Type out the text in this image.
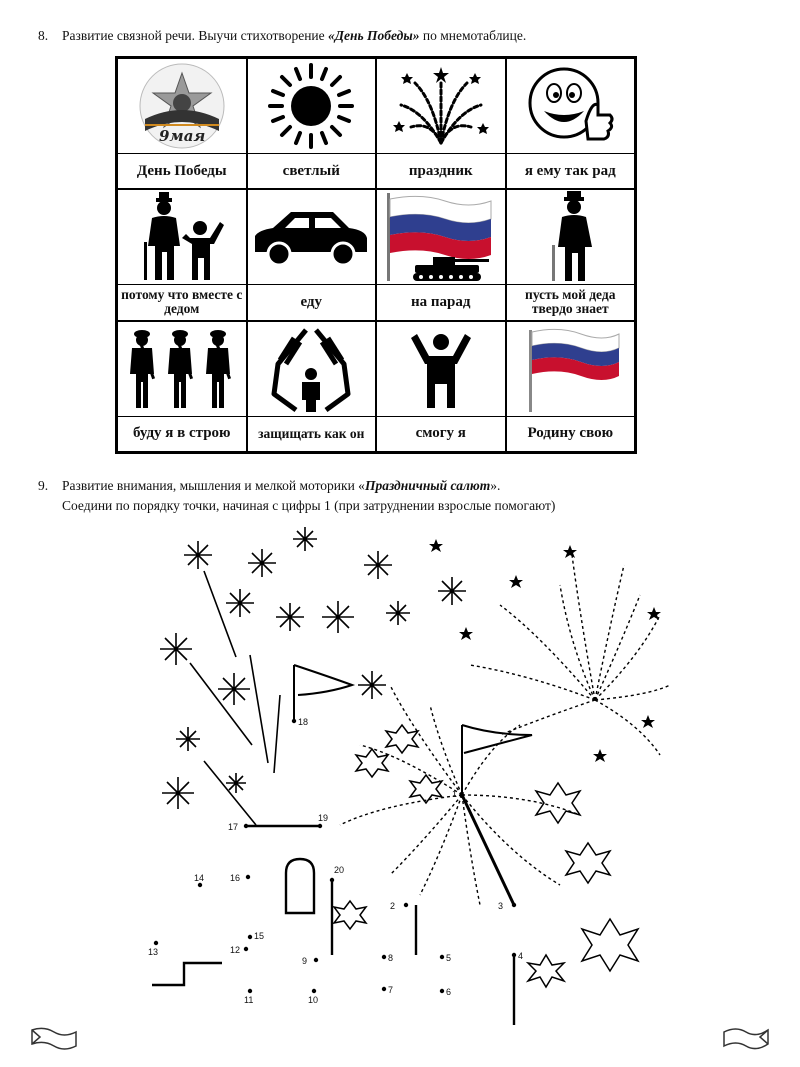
8. Развитие связной речи. Выучи стихотворение «День Победы» по мнемотаблице.
9мая
День Победы	светлый	праздник	я ему так рад
потому что вместе с дедом	еду	на парад	пусть мой деда твердо знает
буду я в строю	защищать как он	смогу я	Родину свою
9. Развитие внимания, мышления и мелкой моторики «Праздничный салют».
Соедини по порядку точки, начиная с цифры 1 (при затруднении взрослые помогают)
1
2	3
4
5
6
7
8
9
10
11
12
13
14
15
16
17
18
19
20
